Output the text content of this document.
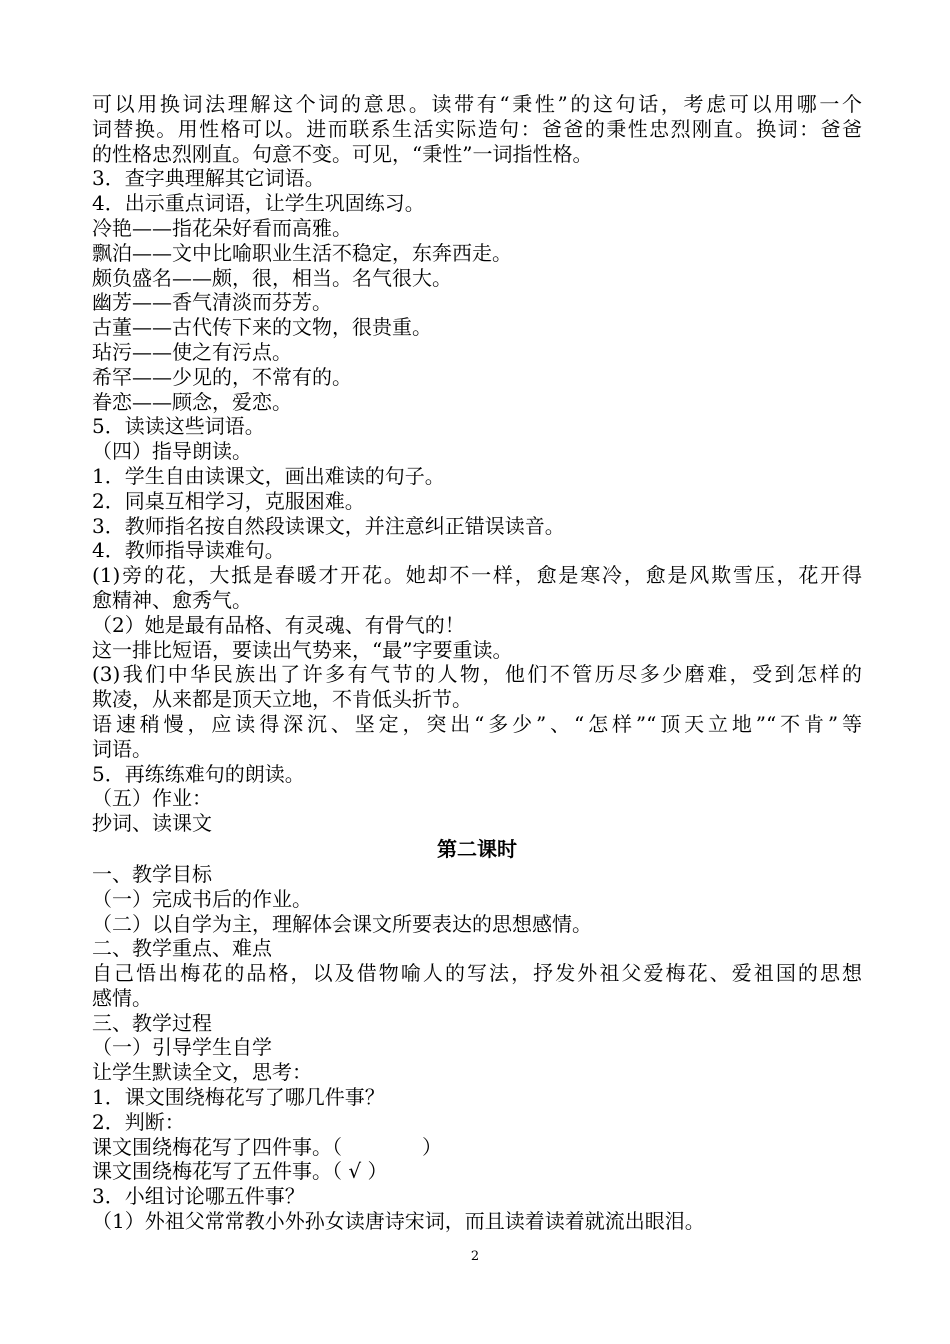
可以用换词法理解这个词的意思。读带有“秉性”的这句话，考虑可以用哪一个
词替换。用性格可以。进而联系生活实际造句：爸爸的秉性忠烈刚直。换词：爸爸
的性格忠烈刚直。句意不变。可见，“秉性”一词指性格。
3．查字典理解其它词语。
4．出示重点词语，让学生巩固练习。
冷艳——指花朵好看而高雅。
飘泊——文中比喻职业生活不稳定，东奔西走。
颇负盛名——颇，很，相当。名气很大。
幽芳——香气清淡而芬芳。
古董——古代传下来的文物，很贵重。
玷污——使之有污点。
希罕——少见的，不常有的。
眷恋——顾念，爱恋。
5．读读这些词语。
（四）指导朗读。
1．学生自由读课文，画出难读的句子。
2．同桌互相学习，克服困难。
3．教师指名按自然段读课文，并注意纠正错误读音。
4．教师指导读难句。
(1)旁的花，大抵是春暖才开花。她却不一样，愈是寒冷，愈是风欺雪压，花开得
愈精神、愈秀气。
（2）她是最有品格、有灵魂、有骨气的！
这一排比短语，要读出气势来，“最”字要重读。
(3)我们中华民族出了许多有气节的人物，他们不管历尽多少磨难，受到怎样的
欺凌，从来都是顶天立地，不肯低头折节。
语速稍慢，应读得深沉、坚定，突出“多少”、“怎样”“顶天立地”“不肯”等
词语。
5．再练练难句的朗读。
（五）作业：
抄词、读课文
第二课时
一、教学目标
（一）完成书后的作业。
（二）以自学为主，理解体会课文所要表达的思想感情。
二、教学重点、难点
自己悟出梅花的品格，以及借物喻人的写法，抒发外祖父爱梅花、爱祖国的思想
感情。
三、教学过程
（一）引导学生自学
让学生默读全文，思考：
1．课文围绕梅花写了哪几件事？
2．判断：
课文围绕梅花写了四件事。（　　　　）
课文围绕梅花写了五件事。（ √ ）
3．小组讨论哪五件事？
（1）外祖父常常教小外孙女读唐诗宋词，而且读着读着就流出眼泪。
2
